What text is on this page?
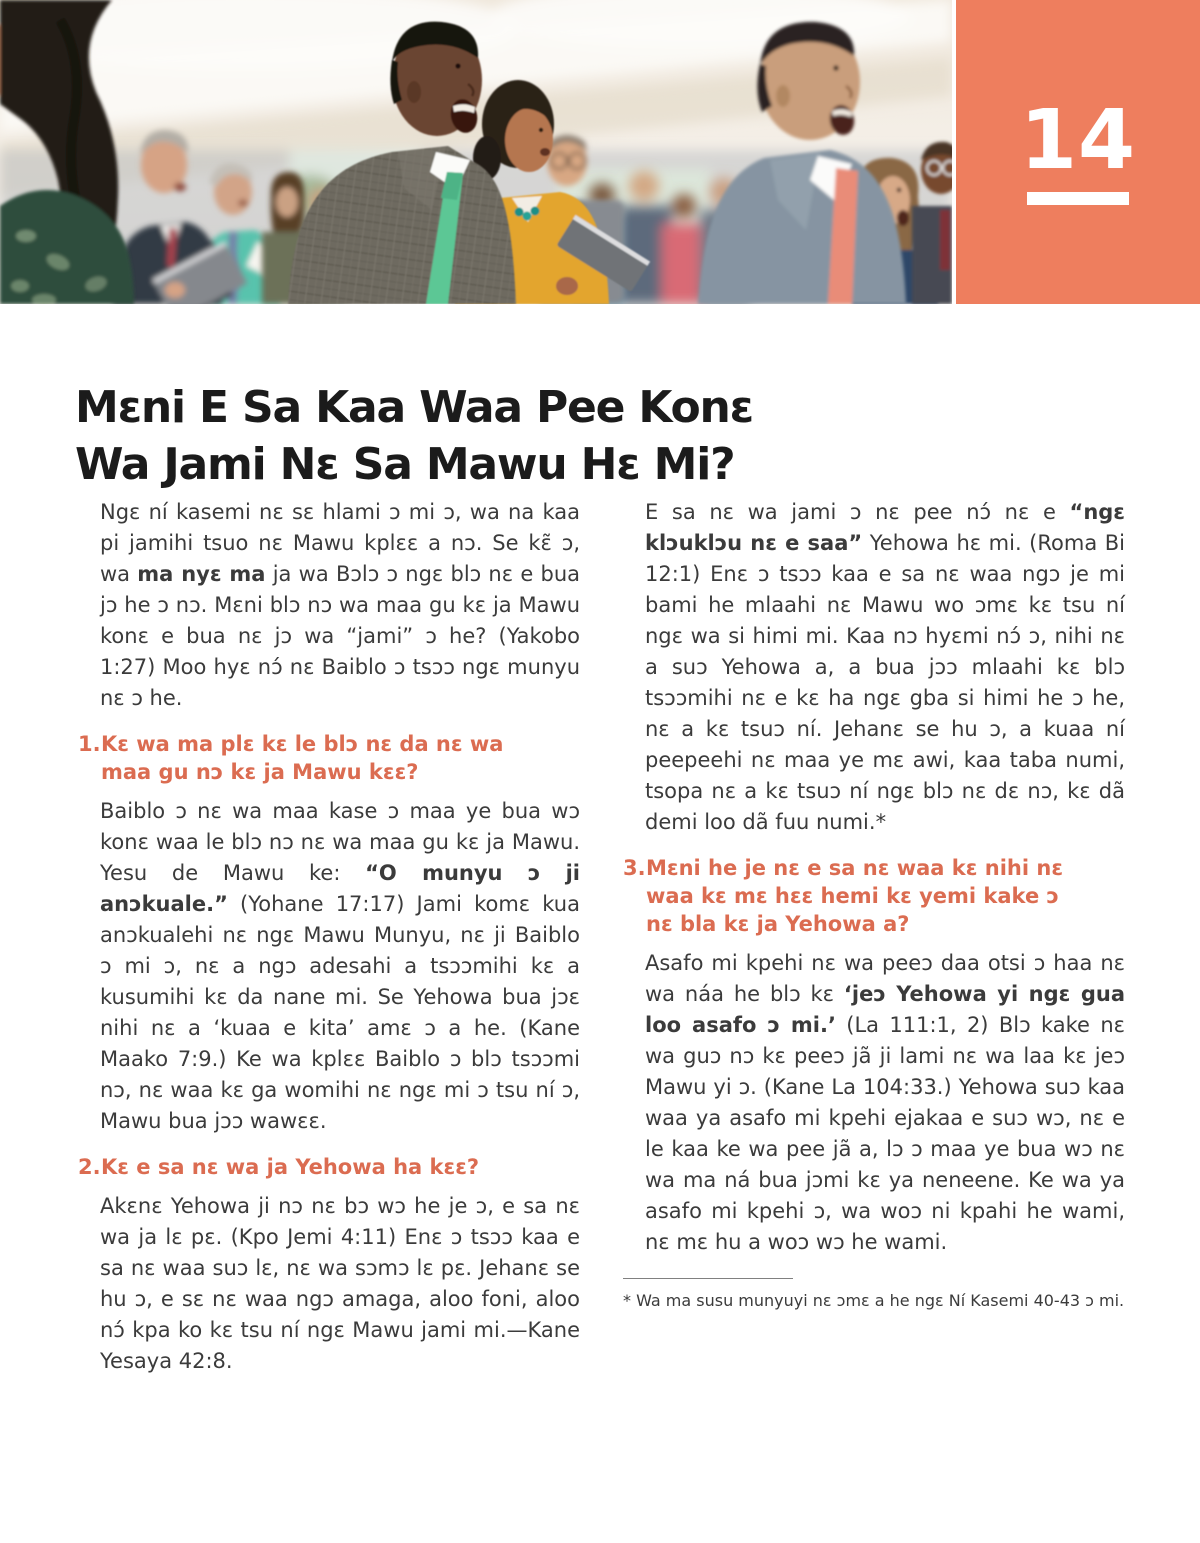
14
Mɛni E Sa Kaa Waa Pee Konɛ
Wa Jami Nɛ Sa Mawu Hɛ Mi?

Ngɛ ní kasemi nɛ sɛ hlami ɔ mi ɔ, wa na kaa pi jamihi tsuo nɛ Mawu kplɛɛ a nɔ. Se kɛ̃ ɔ, wa ma nyɛ ma ja wa Bɔlɔ ɔ ngɛ blɔ nɛ e bua jɔ he ɔ nɔ. Mɛni blɔ nɔ wa maa gu kɛ ja Mawu konɛ e bua nɛ jɔ wa “jami” ɔ he? (Yakobo 1:27) Moo hyɛ nɔ́ nɛ Baiblo ɔ tsɔɔ ngɛ munyu nɛ ɔ he.

1. Kɛ wa ma plɛ kɛ le blɔ nɛ da nɛ wa maa gu nɔ kɛ ja Mawu kɛɛ?

Baiblo ɔ nɛ wa maa kase ɔ maa ye bua wɔ konɛ waa le blɔ nɔ nɛ wa maa gu kɛ ja Mawu. Yesu de Mawu ke: “O munyu ɔ ji anɔkuale.” (Yohane 17:17) Jami komɛ kua anɔkualehi nɛ ngɛ Mawu Munyu, nɛ ji Baiblo ɔ mi ɔ, nɛ a ngɔ adesahi a tsɔɔmihi kɛ a kusumihi kɛ da nane mi. Se Yehowa bua jɔɛ nihi nɛ a ‘kuaa e kita’ amɛ ɔ a he. (Kane Maako 7:9.) Ke wa kplɛɛ Baiblo ɔ blɔ tsɔɔmi nɔ, nɛ waa kɛ ga womihi nɛ ngɛ mi ɔ tsu ní ɔ, Mawu bua jɔɔ wawɛɛ.

2. Kɛ e sa nɛ wa ja Yehowa ha kɛɛ?

Akɛnɛ Yehowa ji nɔ nɛ bɔ wɔ he je ɔ, e sa nɛ wa ja lɛ pɛ. (Kpo Jemi 4:11) Enɛ ɔ tsɔɔ kaa e sa nɛ waa suɔ lɛ, nɛ wa sɔmɔ lɛ pɛ. Jehanɛ se hu ɔ, e sɛ nɛ waa ngɔ amaga, aloo foni, aloo nɔ́ kpa ko kɛ tsu ní ngɛ Mawu jami mi.—Kane Yesaya 42:8.

E sa nɛ wa jami ɔ nɛ pee nɔ́ nɛ e “ngɛ klɔuklɔu nɛ e saa” Yehowa hɛ mi. (Roma Bi 12:1) Enɛ ɔ tsɔɔ kaa e sa nɛ waa ngɔ je mi bami he mlaahi nɛ Mawu wo ɔmɛ kɛ tsu ní ngɛ wa si himi mi. Kaa nɔ hyɛmi nɔ́ ɔ, nihi nɛ a suɔ Yehowa a, a bua jɔɔ mlaahi kɛ blɔ tsɔɔmihi nɛ e kɛ ha ngɛ gba si himi he ɔ he, nɛ a kɛ tsuɔ ní. Jehanɛ se hu ɔ, a kuaa ní peepeehi nɛ maa ye mɛ awi, kaa taba numi, tsopa nɛ a kɛ tsuɔ ní ngɛ blɔ nɛ dɛ nɔ, kɛ dã demi loo dã fuu numi.*

3. Mɛni he je nɛ e sa nɛ waa kɛ nihi nɛ waa kɛ mɛ hɛɛ hemi kɛ yemi kake ɔ nɛ bla kɛ ja Yehowa a?

Asafo mi kpehi nɛ wa peeɔ daa otsi ɔ haa nɛ wa náa he blɔ kɛ ‘jeɔ Yehowa yi ngɛ gua loo asafo ɔ mi.’ (La 111:1, 2) Blɔ kake nɛ wa guɔ nɔ kɛ peeɔ jã ji lami nɛ wa laa kɛ jeɔ Mawu yi ɔ. (Kane La 104:33.) Yehowa suɔ kaa waa ya asafo mi kpehi ejakaa e suɔ wɔ, nɛ e le kaa ke wa pee jã a, lɔ ɔ maa ye bua wɔ nɛ wa ma ná bua jɔmi kɛ ya neneene. Ke wa ya asafo mi kpehi ɔ, wa woɔ ni kpahi he wami, nɛ mɛ hu a woɔ wɔ he wami.

* Wa ma susu munyuyi nɛ ɔmɛ a he ngɛ Ní Kasemi 40-43 ɔ mi.
